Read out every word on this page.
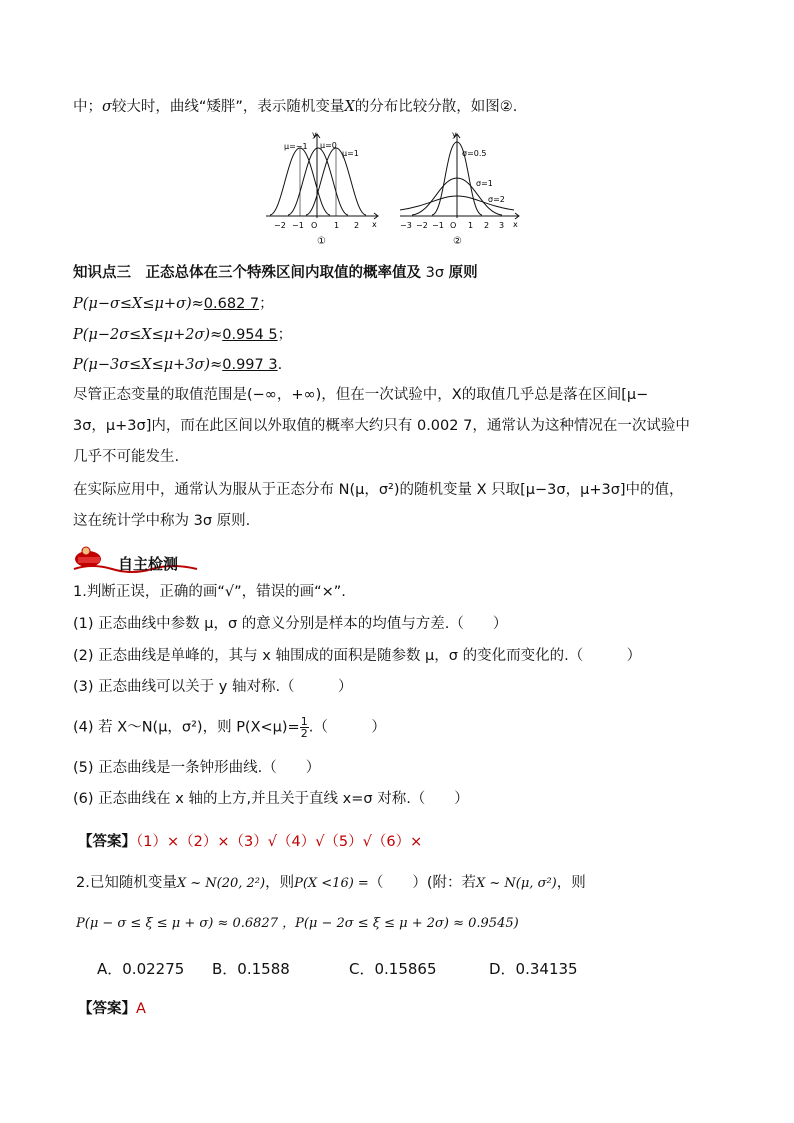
中；σ较大时，曲线“矮胖”，表示随机变量X的分布比较分散，如图②.
μ=−1 μ=0
μ=1
y
x
−2 −1 O 1 2
①
σ=0.5
σ=1
σ=2
y
x
−3 −2 −1 O 1 2 3
②
知识点三　正态总体在三个特殊区间内取值的概率值及 3σ 原则
P(μ−σ≤X≤μ+σ)≈0.682 7；
P(μ−2σ≤X≤μ+2σ)≈0.954 5；
P(μ−3σ≤X≤μ+3σ)≈0.997 3.
尽管正态变量的取值范围是(−∞，+∞)，但在一次试验中，X的取值几乎总是落在区间[μ−
3σ，μ+3σ]内，而在此区间以外取值的概率大约只有 0.002 7，通常认为这种情况在一次试验中
几乎不可能发生.
在实际应用中，通常认为服从于正态分布 N(μ，σ²)的随机变量 X 只取[μ−3σ，μ+3σ]中的值，
这在统计学中称为 3σ 原则.
自主检测
1.判断正误，正确的画“√”，错误的画“×”.
(1) 正态曲线中参数 μ，σ 的意义分别是样本的均值与方差.（　　）
(2) 正态曲线是单峰的，其与 x 轴围成的面积是随参数 μ，σ 的变化而变化的.（　　　）
(3) 正态曲线可以关于 y 轴对称.（　　　）
(4) 若 X～N(μ，σ²)，则 $P(X<\mu)= \frac{1}{2}$ .（　　　）
(5) 正态曲线是一条钟形曲线.（　　）
(6) 正态曲线在 x 轴的上方,并且关于直线 x=σ 对称.（　　）
【答案】（1）×（2）×（3）√（4）√（5）√（6）×
2.已知随机变量X ~ N(20, 2²)，则P(X <16) =（　　）(附：若X ~ N(μ, σ²)，则
P(μ − σ ≤ ξ ≤ μ + σ) ≈ 0.6827 ，P(μ − 2σ ≤ ξ ≤ μ + 2σ) ≈ 0.9545)
A．0.02275 B．0.1588	C．0.15865	D．0.34135
【答案】A
